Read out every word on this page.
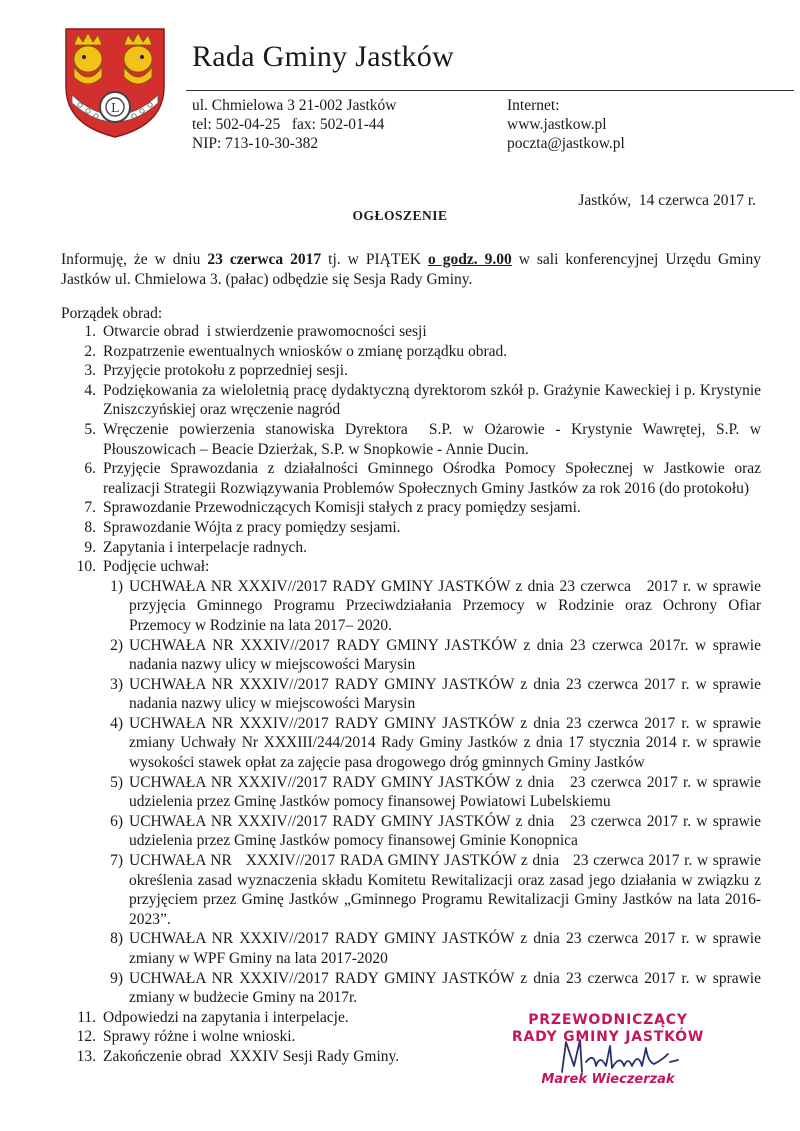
L
Rada Gminy Jastków
ul. Chmielowa 3 21-002 Jastków
tel: 502-04-25   fax: 502-01-44
NIP: 713-10-30-382
Internet:
www.jastkow.pl
poczta@jastkow.pl
Jastków,  14 czerwca 2017 r.
OGŁOSZENIE
Informuję, że w dniu 23 czerwca 2017 tj. w PIĄTEK o godz. 9.00 w sali konferencyjnej Urzędu Gminy Jastków ul. Chmielowa 3. (pałac) odbędzie się Sesja Rady Gminy.
Porządek obrad:
1. Otwarcie obrad  i stwierdzenie prawomocności sesji
2. Rozpatrzenie ewentualnych wniosków o zmianę porządku obrad.
3. Przyjęcie protokołu z poprzedniej sesji.
4. Podziękowania za wieloletnią pracę dydaktyczną dyrektorom szkół p. Grażynie Kaweckiej i p. Krystynie Zniszczyńskiej oraz wręczenie nagród
5. Wręczenie powierzenia stanowiska Dyrektora  S.P. w Ożarowie - Krystynie Wawrętej, S.P. w Płouszowicach – Beacie Dzierżak, S.P. w Snopkowie - Annie Ducin.
6. Przyjęcie Sprawozdania z działalności Gminnego Ośrodka Pomocy Społecznej w Jastkowie oraz realizacji Strategii Rozwiązywania Problemów Społecznych Gminy Jastków za rok 2016 (do protokołu)
7. Sprawozdanie Przewodniczących Komisji stałych z pracy pomiędzy sesjami.
8. Sprawozdanie Wójta z pracy pomiędzy sesjami.
9. Zapytania i interpelacje radnych.
10. Podjęcie uchwał:
1) UCHWAŁA NR XXXIV//2017 RADY GMINY JASTKÓW z dnia 23 czerwca   2017 r. w sprawie przyjęcia Gminnego Programu Przeciwdziałania Przemocy w Rodzinie oraz Ochrony Ofiar Przemocy w Rodzinie na lata 2017– 2020.
2) UCHWAŁA NR XXXIV//2017 RADY GMINY JASTKÓW z dnia 23 czerwca 2017r. w sprawie nadania nazwy ulicy w miejscowości Marysin
3) UCHWAŁA NR XXXIV//2017 RADY GMINY JASTKÓW z dnia 23 czerwca 2017 r. w sprawie nadania nazwy ulicy w miejscowości Marysin
4) UCHWAŁA NR XXXIV//2017 RADY GMINY JASTKÓW z dnia 23 czerwca 2017 r. w sprawie zmiany Uchwały Nr XXXIII/244/2014 Rady Gminy Jastków z dnia 17 stycznia 2014 r. w sprawie wysokości stawek opłat za zajęcie pasa drogowego dróg gminnych Gminy Jastków
5) UCHWAŁA NR XXXIV//2017 RADY GMINY JASTKÓW z dnia   23 czerwca 2017 r. w sprawie udzielenia przez Gminę Jastków pomocy finansowej Powiatowi Lubelskiemu
6) UCHWAŁA NR XXXIV//2017 RADY GMINY JASTKÓW z dnia   23 czerwca 2017 r. w sprawie udzielenia przez Gminę Jastków pomocy finansowej Gminie Konopnica
7) UCHWAŁA NR   XXXIV//2017 RADA GMINY JASTKÓW z dnia   23 czerwca 2017 r. w sprawie określenia zasad wyznaczenia składu Komitetu Rewitalizacji oraz zasad jego działania w związku z przyjęciem przez Gminę Jastków „Gminnego Programu Rewitalizacji Gminy Jastków na lata 2016-2023”.
8) UCHWAŁA NR XXXIV//2017 RADY GMINY JASTKÓW z dnia 23 czerwca 2017 r. w sprawie zmiany w WPF Gminy na lata 2017-2020
9) UCHWAŁA NR XXXIV//2017 RADY GMINY JASTKÓW z dnia 23 czerwca 2017 r. w sprawie zmiany w budżecie Gminy na 2017r.
11. Odpowiedzi na zapytania i interpelacje.
12. Sprawy różne i wolne wnioski.
13. Zakończenie obrad  XXXIV Sesji Rady Gminy.
PRZEWODNICZĄCY
RADY GMINY JASTKÓW
Marek Wieczerzak
